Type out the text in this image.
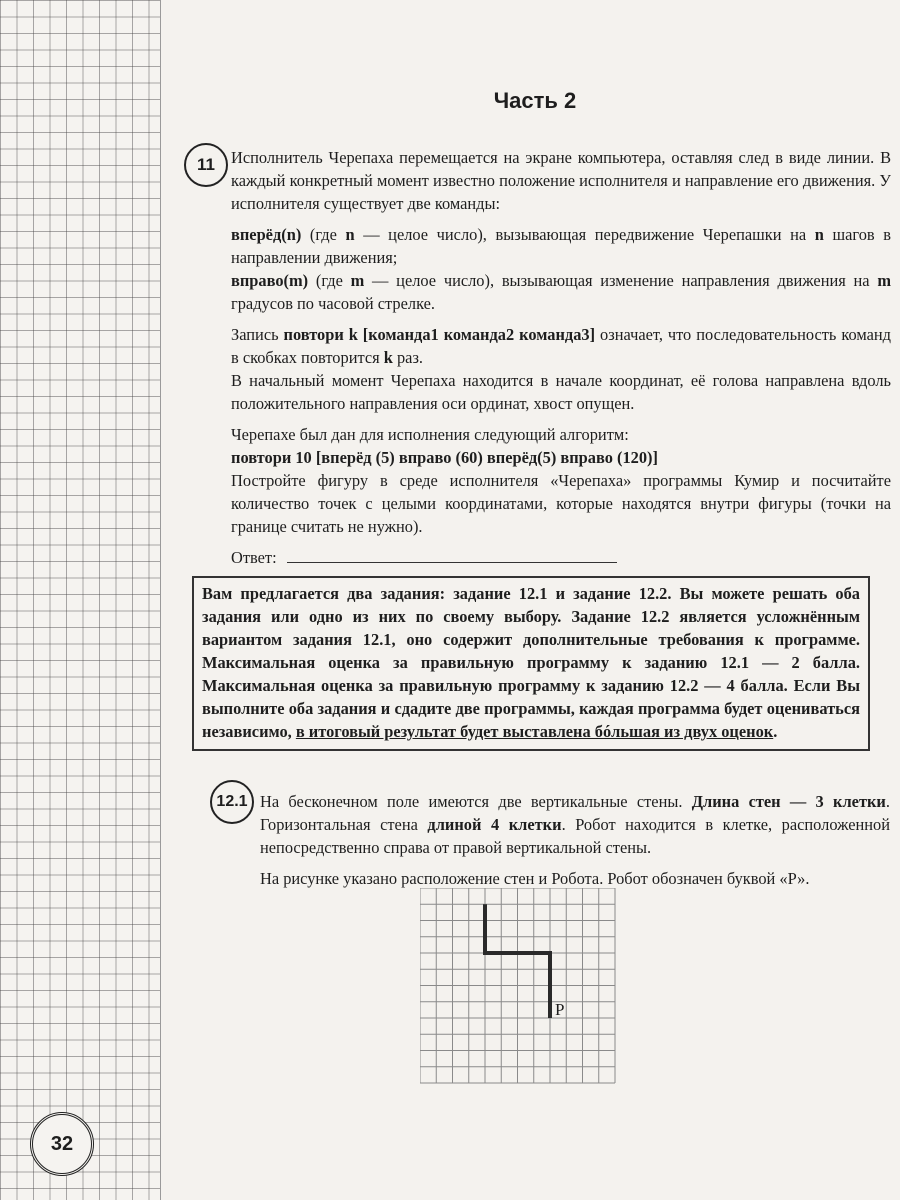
32
Часть 2
11 Исполнитель Черепаха перемещается на экране компьютера, оставляя след в виде линии. В каждый конкретный момент известно положение исполнителя и направление его движения. У исполнителя существует две команды:

вперёд(n) (где n — целое число), вызывающая передвижение Черепашки на n шагов в направлении движения;

вправо(m) (где m — целое число), вызывающая изменение направления движения на m градусов по часовой стрелке.

Запись повтори k [команда1 команда2 команда3] означает, что последовательность команд в скобках повторится k раз.

В начальный момент Черепаха находится в начале координат, её голова направлена вдоль положительного направления оси ординат, хвост опущен.

Черепахе был дан для исполнения следующий алгоритм:

повтори 10 [вперёд (5) вправо (60) вперёд(5) вправо (120)]

Постройте фигуру в среде исполнителя «Черепаха» программы Кумир и посчитайте количество точек с целыми координатами, которые находятся внутри фигуры (точки на границе считать не нужно).

Ответ:

Вам предлагается два задания: задание 12.1 и задание 12.2. Вы можете решать оба задания или одно из них по своему выбору. Задание 12.2 является усложнённым вариантом задания 12.1, оно содержит дополнительные требования к программе. Максимальная оценка за правильную программу к заданию 12.1 — 2 балла. Максимальная оценка за правильную программу к заданию 12.2 — 4 балла. Если Вы выполните оба задания и сдадите две программы, каждая программа будет оцениваться независимо, в итоговый результат будет выставлена бóльшая из двух оценок.
12.1 На бесконечном поле имеются две вертикальные стены. Длина стен — 3 клетки. Горизонтальная стена длиной 4 клетки. Робот находится в клетке, расположенной непосредственно справа от правой вертикальной стены.

На рисунке указано расположение стен и Робота. Робот обозначен буквой «Р».

Р
